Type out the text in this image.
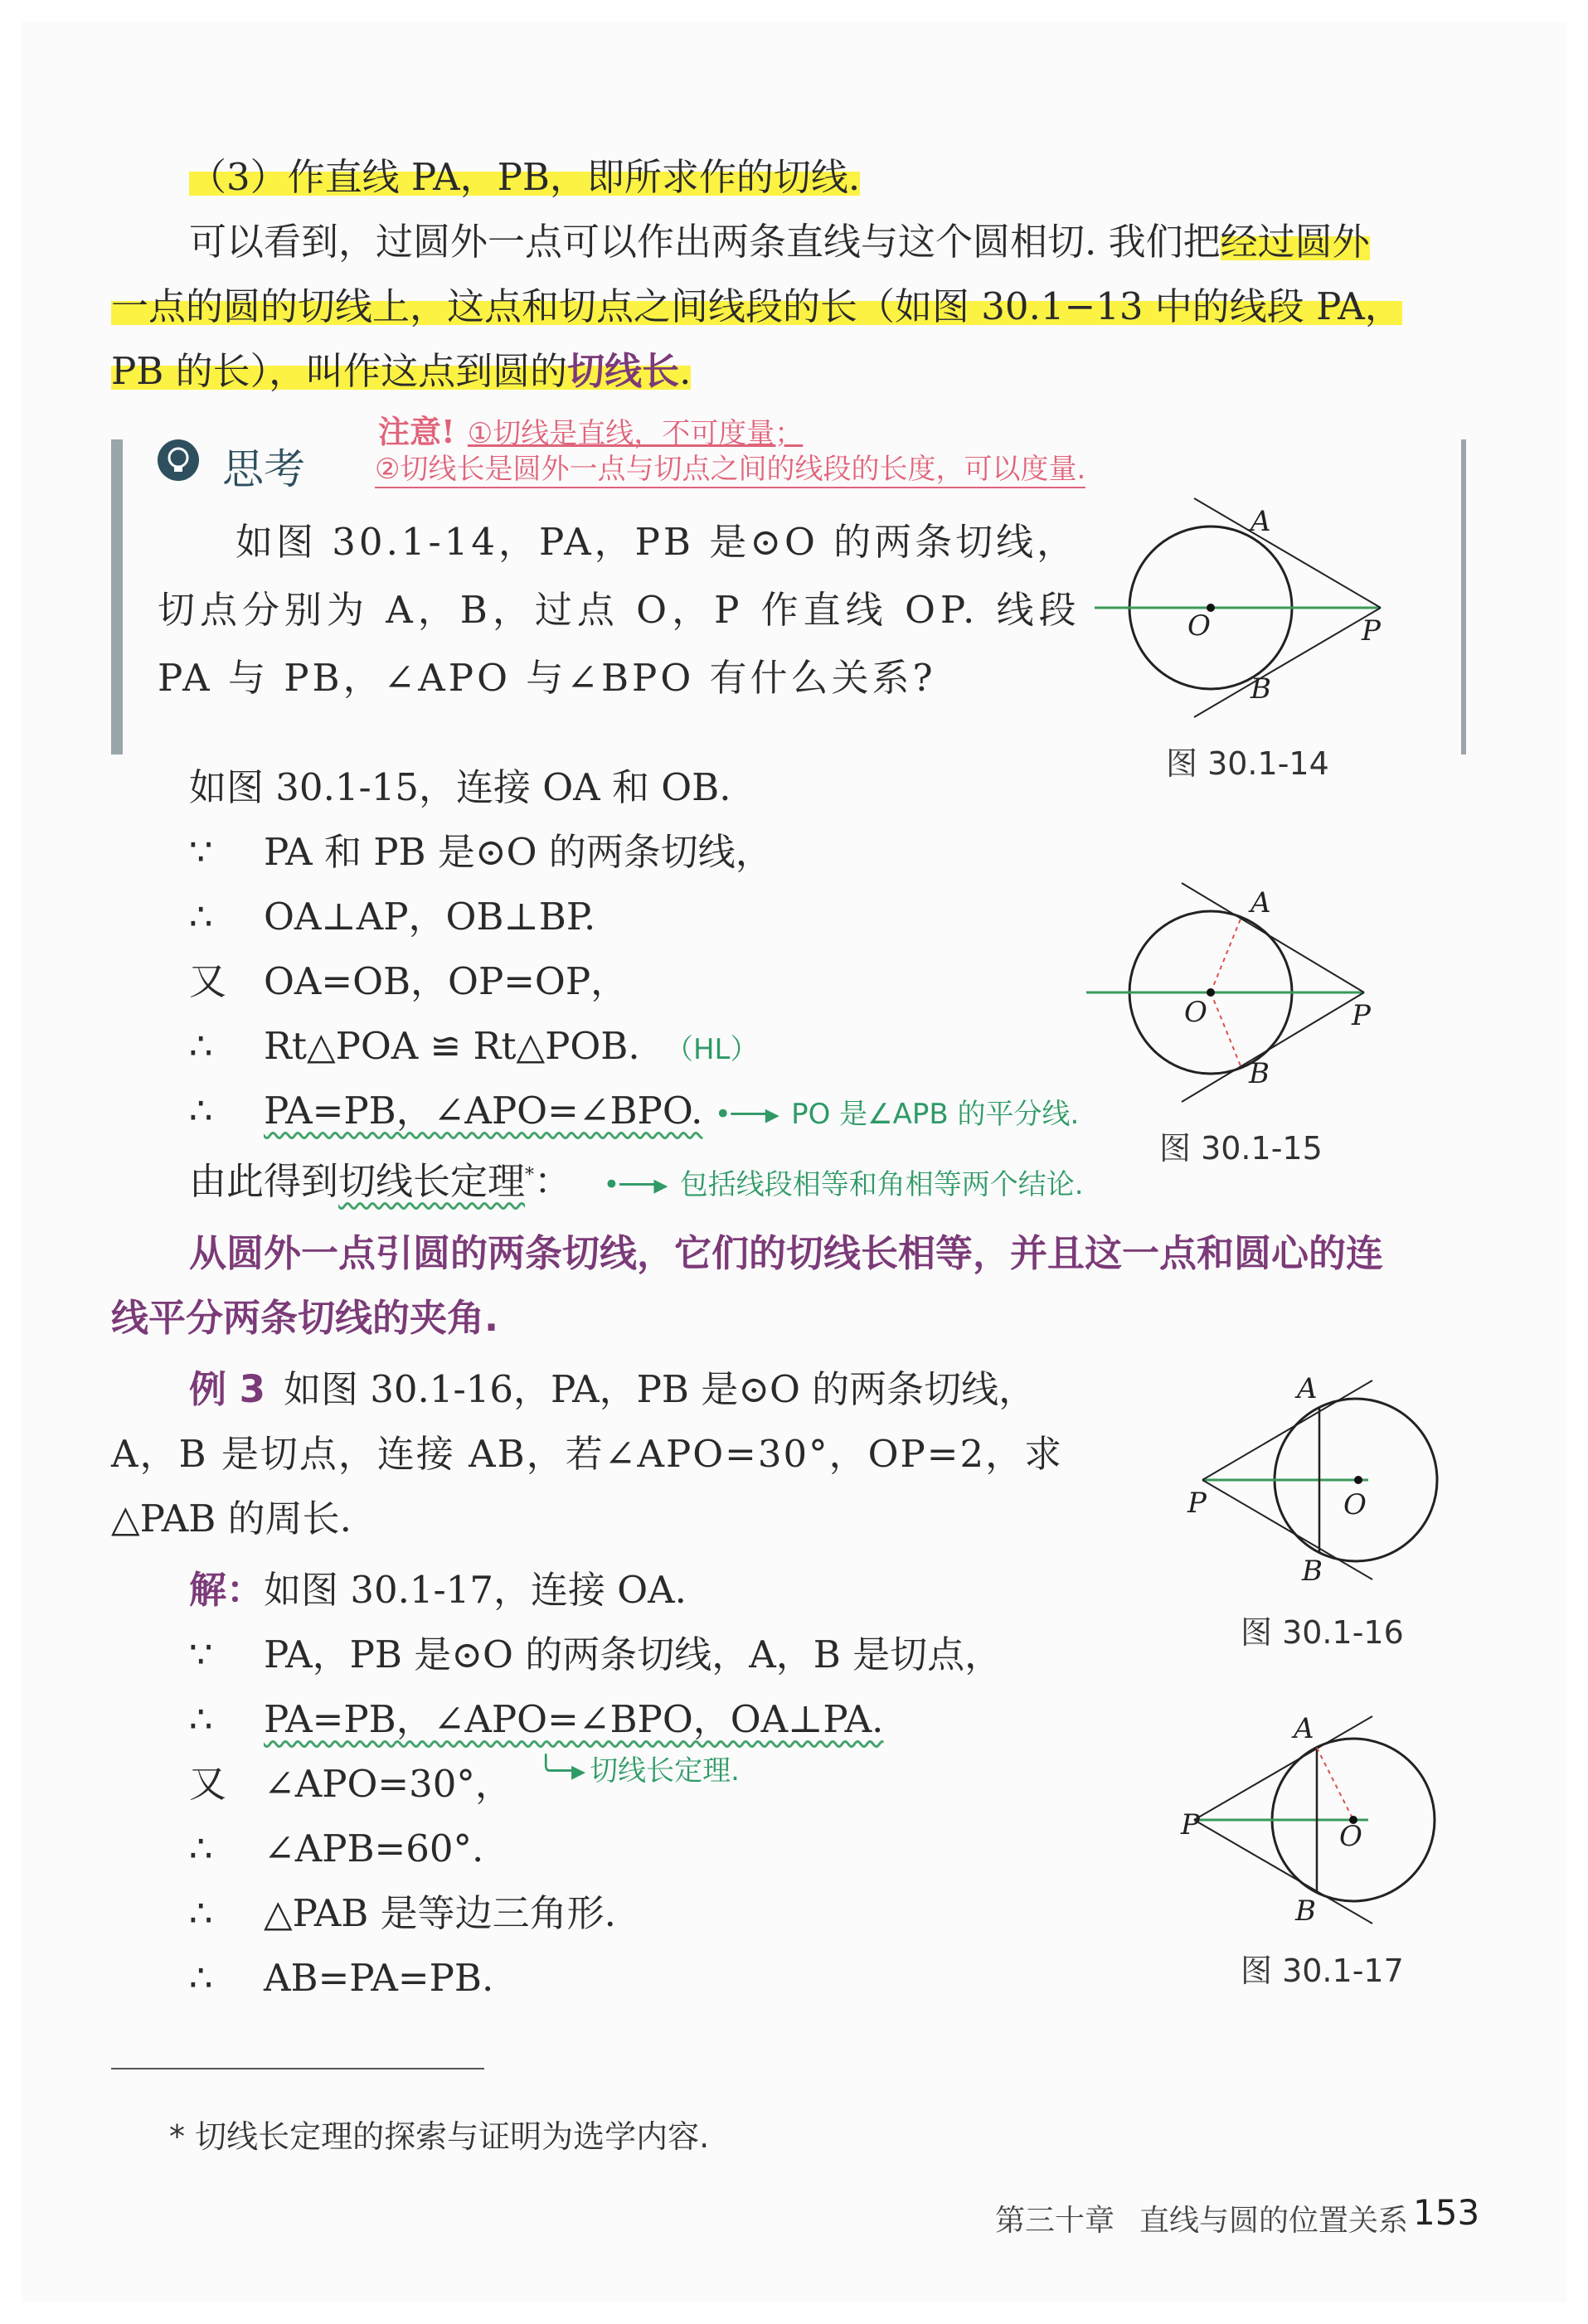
（3）作直线 PA，PB，即所求作的切线.
可以看到，过圆外一点可以作出两条直线与这个圆相切. 我们把经过圆外
一点的圆的切线上，这点和切点之间线段的长（如图 30.1−13 中的线段 PA，
PB 的长），叫作这点到圆的切线长.
注意! ①切线是直线，不可度量；
②切线长是圆外一点与切点之间的线段的长度，可以度量.
思考
如图 30.1-14，PA，PB 是⊙O 的两条切线，
切点分别为 A，B，过点 O，P 作直线 OP. 线段
PA 与 PB，∠APO 与∠BPO 有什么关系?
A
O	P
B
图 30.1-14
如图 30.1-15，连接 OA 和 OB.
∵ PA 和 PB 是⊙O 的两条切线，
∴ OA⊥AP，OB⊥BP.
又 OA=OB，OP=OP，
∴ Rt△POA ≌ Rt△POB. （HL）
∴ PA=PB，∠APO=∠BPO. •──▸ PO 是∠APB 的平分线.
A
O	P
B
图 30.1-15
由此得到切线长定理*： •──▸ 包括线段相等和角相等两个结论.
从圆外一点引圆的两条切线，它们的切线长相等，并且这一点和圆心的连
线平分两条切线的夹角.
例 3 如图 30.1-16，PA，PB 是⊙O 的两条切线，
A，B 是切点，连接 AB，若∠APO=30°，OP=2，求
△PAB 的周长.
A
P	O
B
图 30.1-16
解：如图 30.1-17，连接 OA.
∵ PA，PB 是⊙O 的两条切线，A，B 是切点，
∴ PA=PB，∠APO=∠BPO，OA⊥PA.
又 ∠APO=30°， ╰─▸ 切线长定理.
∴ ∠APB=60°.
∴ △PAB 是等边三角形.
∴ AB=PA=PB.
A
P	O
B
图 30.1-17
* 切线长定理的探索与证明为选学内容.
第三十章 直线与圆的位置关系 153
